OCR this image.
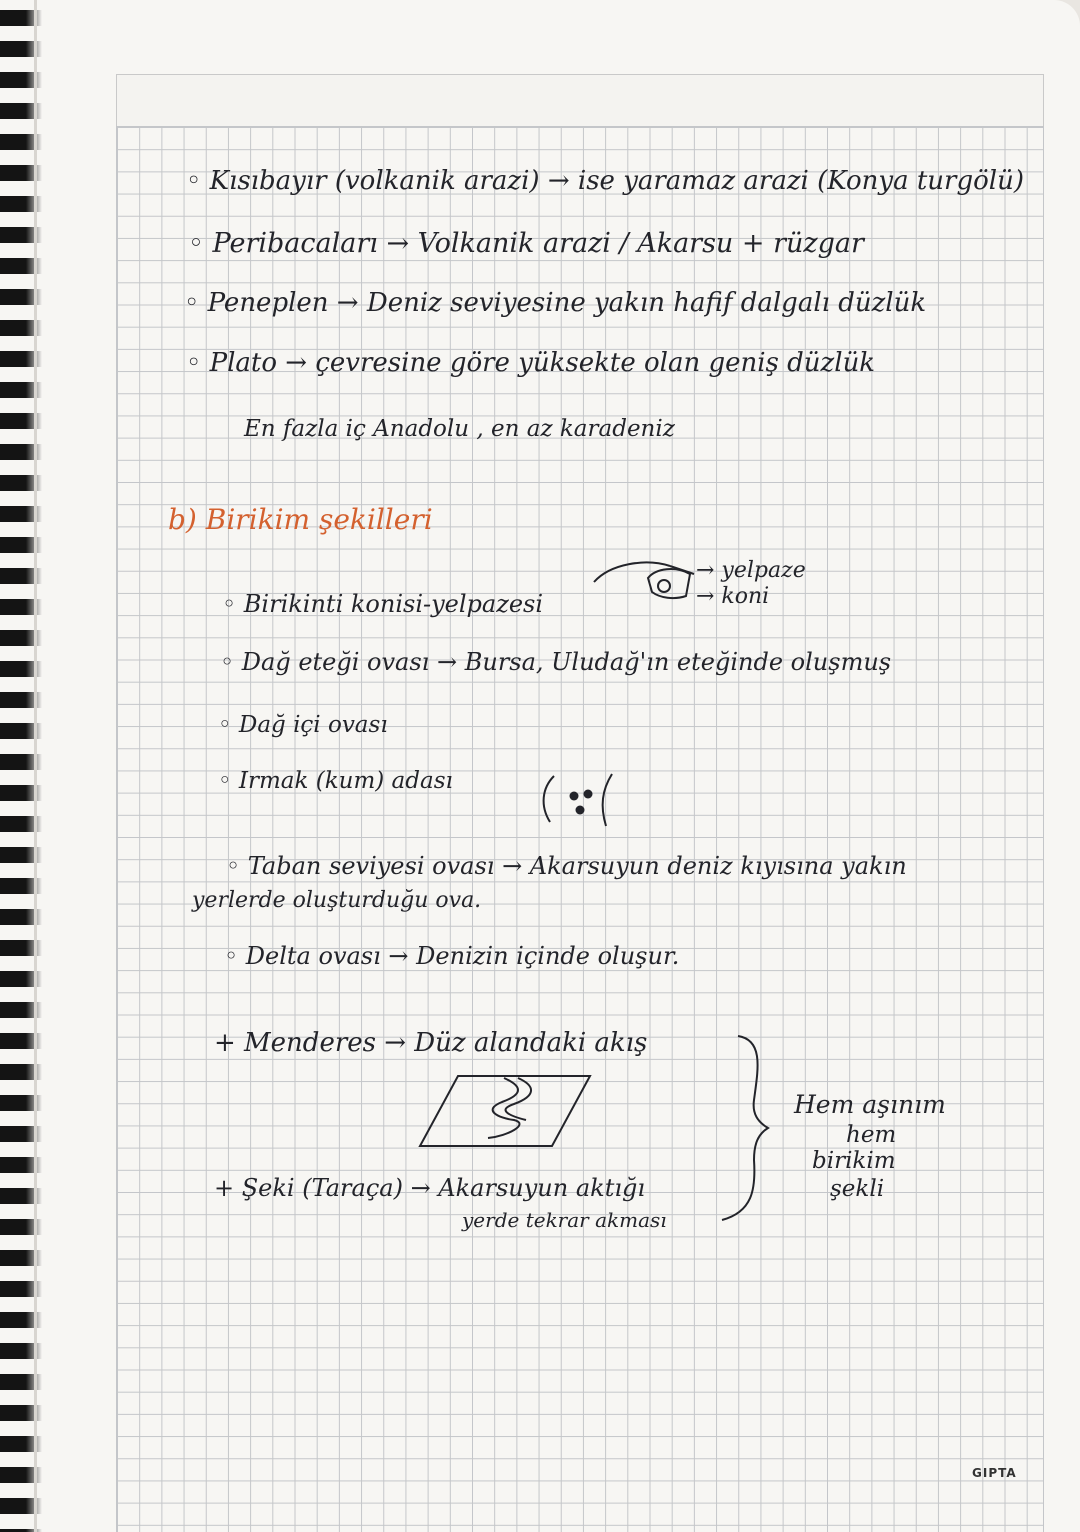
◦ Kısıbayır (volkanik arazi) → ise yaramaz arazi (Konya turgölü)

◦ Peribacaları → Volkanik arazi / Akarsu + rüzgar

◦ Peneplen → Deniz seviyesine yakın hafif dalgalı düzlük

◦ Plato → çevresine göre yüksekte olan geniş düzlük

En fazla iç Anadolu , en az karadeniz

b) Birikim şekilleri

◦ Birikinti konisi-yelpazesi

→ yelpaze

→ koni

◦ Dağ eteği ovası → Bursa, Uludağ'ın eteğinde oluşmuş

◦ Dağ içi ovası

◦ Irmak (kum) adası

◦ Taban seviyesi ovası → Akarsuyun deniz kıyısına yakın

yerlerde oluşturduğu ova.

◦ Delta ovası → Denizin içinde oluşur.

+ Menderes → Düz alandaki akış

+ Şeki (Taraça) → Akarsuyun aktığı

yerde tekrar akması

Hem aşınım

hem

birikim

şekli

GIPTA
